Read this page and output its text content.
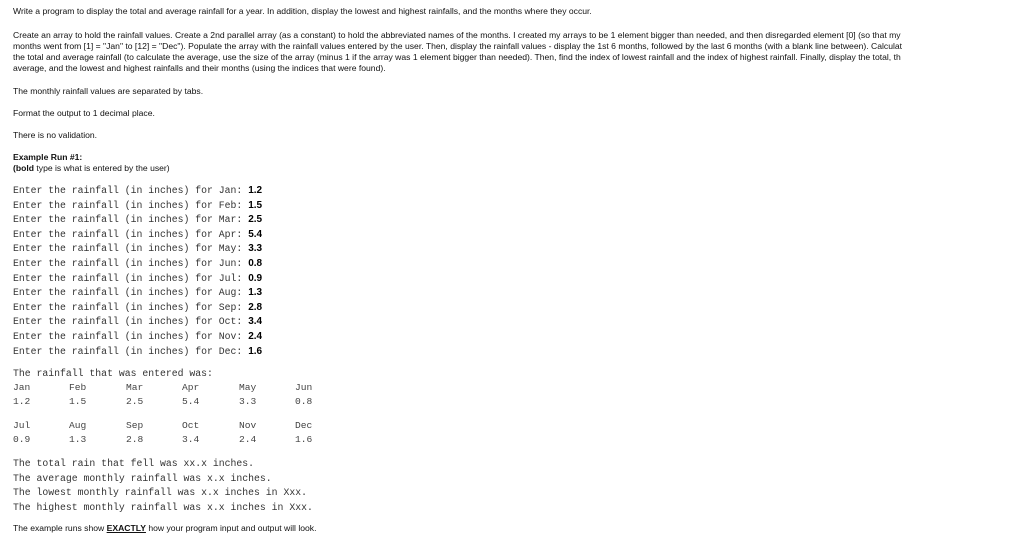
Write a program to display the total and average rainfall for a year. In addition, display the lowest and highest rainfalls, and the months where they occur.

Create an array to hold the rainfall values. Create a 2nd parallel array (as a constant) to hold the abbreviated names of the months. I created my arrays to be 1 element bigger than needed, and then disregarded element [0] (so that my
months went from [1] = "Jan" to [12] = "Dec"). Populate the array with the rainfall values entered by the user. Then, display the rainfall values - display the 1st 6 months, followed by the last 6 months (with a blank line between). Calculat
the total and average rainfall (to calculate the average, use the size of the array (minus 1 if the array was 1 element bigger than needed). Then, find the index of lowest rainfall and the index of highest rainfall. Finally, display the total, th
average, and the lowest and highest rainfalls and their months (using the indices that were found).

The monthly rainfall values are separated by tabs.

Format the output to 1 decimal place.

There is no validation.

Example Run #1:

(bold type is what is entered by the user)

Enter the rainfall (in inches) for Jan: 1.2
Enter the rainfall (in inches) for Feb: 1.5
Enter the rainfall (in inches) for Mar: 2.5
Enter the rainfall (in inches) for Apr: 5.4
Enter the rainfall (in inches) for May: 3.3
Enter the rainfall (in inches) for Jun: 0.8
Enter the rainfall (in inches) for Jul: 0.9
Enter the rainfall (in inches) for Aug: 1.3
Enter the rainfall (in inches) for Sep: 2.8
Enter the rainfall (in inches) for Oct: 3.4
Enter the rainfall (in inches) for Nov: 2.4
Enter the rainfall (in inches) for Dec: 1.6
The rainfall that was entered was:
Jan	Feb	Mar	Apr	May	Jun
1.2	1.5	2.5	5.4	3.3	0.8
Jul	Aug	Sep	Oct	Nov	Dec
0.9	1.3	2.8	3.4	2.4	1.6
The total rain that fell was xx.x inches.
The average monthly rainfall was x.x inches.
The lowest monthly rainfall was x.x inches in Xxx.
The highest monthly rainfall was x.x inches in Xxx.

The example runs show EXACTLY how your program input and output will look.
